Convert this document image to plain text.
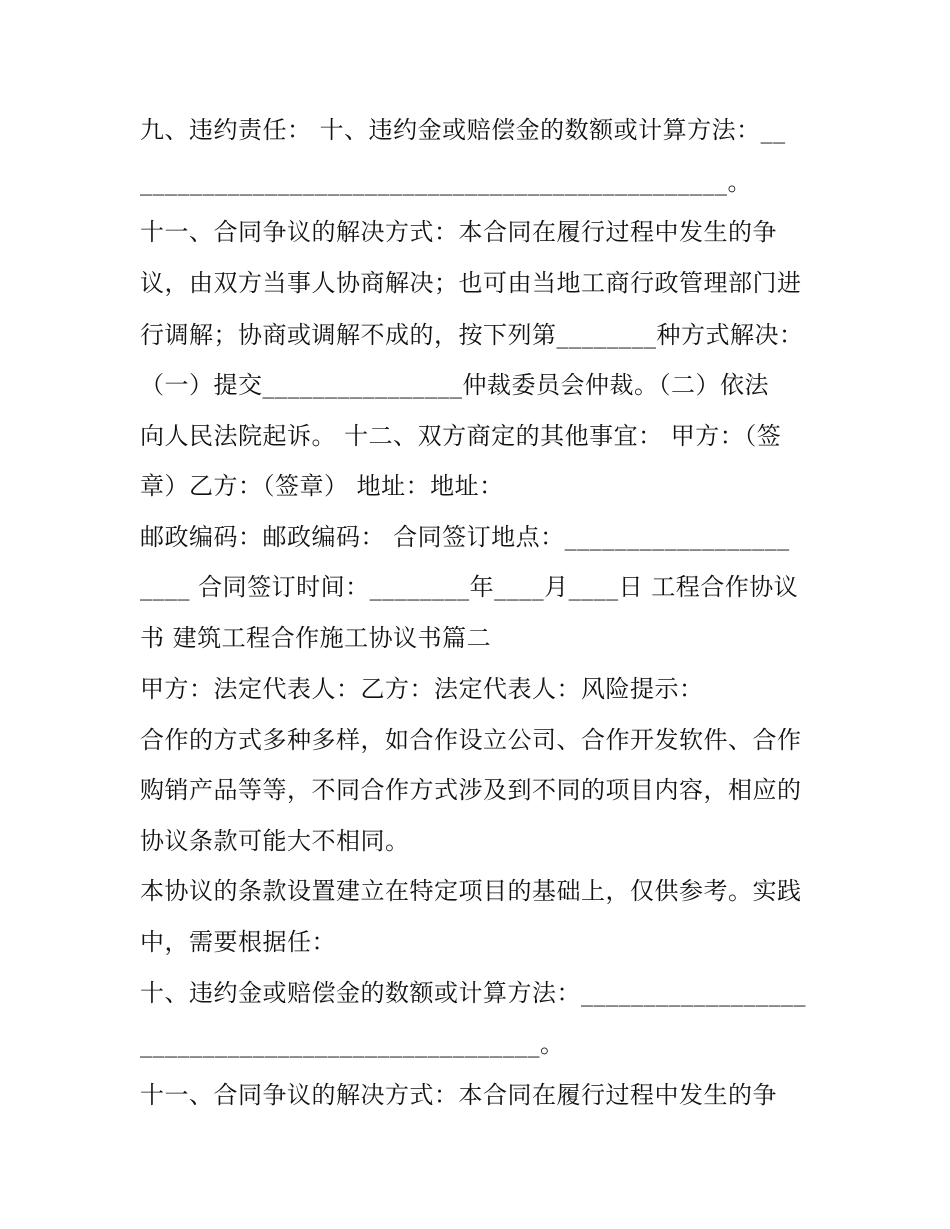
九、违约责任： 十、违约金或赔偿金的数额或计算方法：__
_______________________________________________。
十一、合同争议的解决方式：本合同在履行过程中发生的争
议，由双方当事人协商解决；也可由当地工商行政管理部门进
行调解；协商或调解不成的，按下列第________种方式解决：
（一）提交________________仲裁委员会仲裁。（二）依法
向人民法院起诉。 十二、双方商定的其他事宜： 甲方：（签
章）乙方：（签章） 地址：地址：
邮政编码：邮政编码： 合同签订地点：__________________
____ 合同签订时间：________年____月____日 工程合作协议
书 建筑工程合作施工协议书篇二
甲方：法定代表人：乙方：法定代表人：风险提示：
合作的方式多种多样，如合作设立公司、合作开发软件、合作
购销产品等等，不同合作方式涉及到不同的项目内容，相应的
协议条款可能大不相同。
本协议的条款设置建立在特定项目的基础上，仅供参考。实践
中，需要根据任：
十、违约金或赔偿金的数额或计算方法：__________________
________________________________。
十一、合同争议的解决方式：本合同在履行过程中发生的争
